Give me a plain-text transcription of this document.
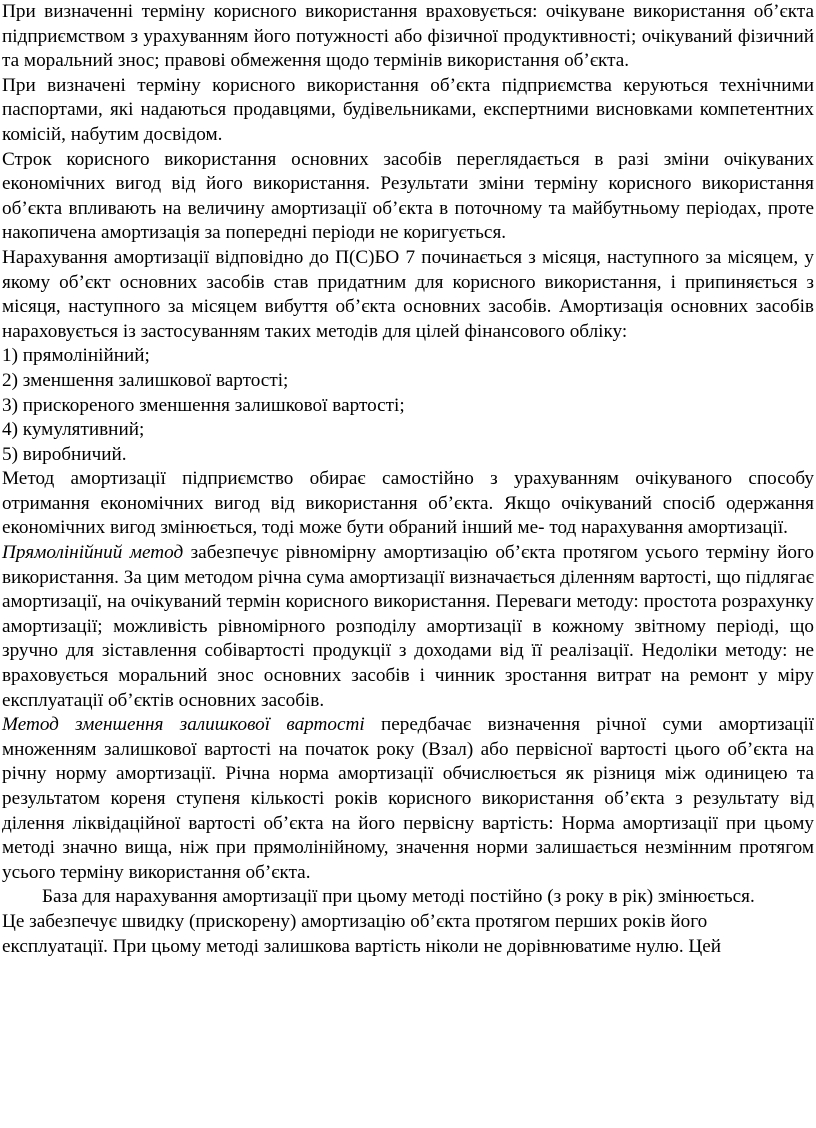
При визначенні терміну корисного використання враховується: очікуване використання об’єкта підприємством з урахуванням його потужності або фізичної продуктивності; очікуваний фізичний та моральний знос; правові обмеження щодо термінів використання об’єкта.

При визначені терміну корисного використання об’єкта підприємства керуються технічними паспортами, які надаються продавцями, будівельниками, експертними висновками компетентних комісій, набутим досвідом.

Строк корисного використання основних засобів переглядається в разі зміни очікуваних економічних вигод від його використання. Результати зміни терміну корисного використання об’єкта впливають на величину амортизації об’єкта в поточному та майбутньому періодах, проте накопичена амортизація за попередні періоди не коригується.

Нарахування амортизації відповідно до П(С)БО 7 починається з місяця, наступного за місяцем, у якому об’єкт основних засобів став придатним для корисного використання, і припиняється з місяця, наступного за місяцем вибуття об’єкта основних засобів. Амортизація основних засобів нараховується із застосуванням таких методів для цілей фінансового обліку:

1) прямолінійний;

2) зменшення залишкової вартості;

3) прискореного зменшення залишкової вартості;

4) кумулятивний;

5) виробничий.

Метод амортизації підприємство обирає самостійно з урахуванням очікуваного способу отримання економічних вигод від використання об’єкта. Якщо очікуваний спосіб одержання економічних вигод змінюється, тоді може бути обраний інший ме- тод нарахування амортизації.

Прямолінійний метод забезпечує рівномірну амортизацію об’єкта протягом усього терміну його використання. За цим методом річна сума амортизації визначається діленням вартості, що підлягає амортизації, на очікуваний термін корисного використання. Переваги методу: простота розрахунку амортизації; можливість рівномірного розподілу амортизації в кожному звітному періоді, що зручно для зіставлення собівартості продукції з доходами від її реалізації. Недоліки методу: не враховується моральний знос основних засобів і чинник зростання витрат на ремонт у міру експлуатації об’єктів основних засобів.

Метод зменшення залишкової вартості передбачає визначення річної суми амортизації множенням залишкової вартості на початок року (Взал) або первісної вартості цього об’єкта на річну норму амортизації. Річна норма амортизації обчислюється як різниця між одиницею та результатом кореня ступеня кількості років корисного використання об’єкта з результату від ділення ліквідаційної вартості об’єкта на його первісну вартість: Норма амортизації при цьому методі значно вища, ніж при прямолінійному, значення норми залишається незмінним протягом усього терміну використання об’єкта.

База для нарахування амортизації при цьому методі постійно (з року в рік) змінюється. Це забезпечує швидку (прискорену) амортизацію об’єкта протягом перших років його експлуатації. При цьому методі залишкова вартість ніколи не дорівнюватиме нулю. Цей
